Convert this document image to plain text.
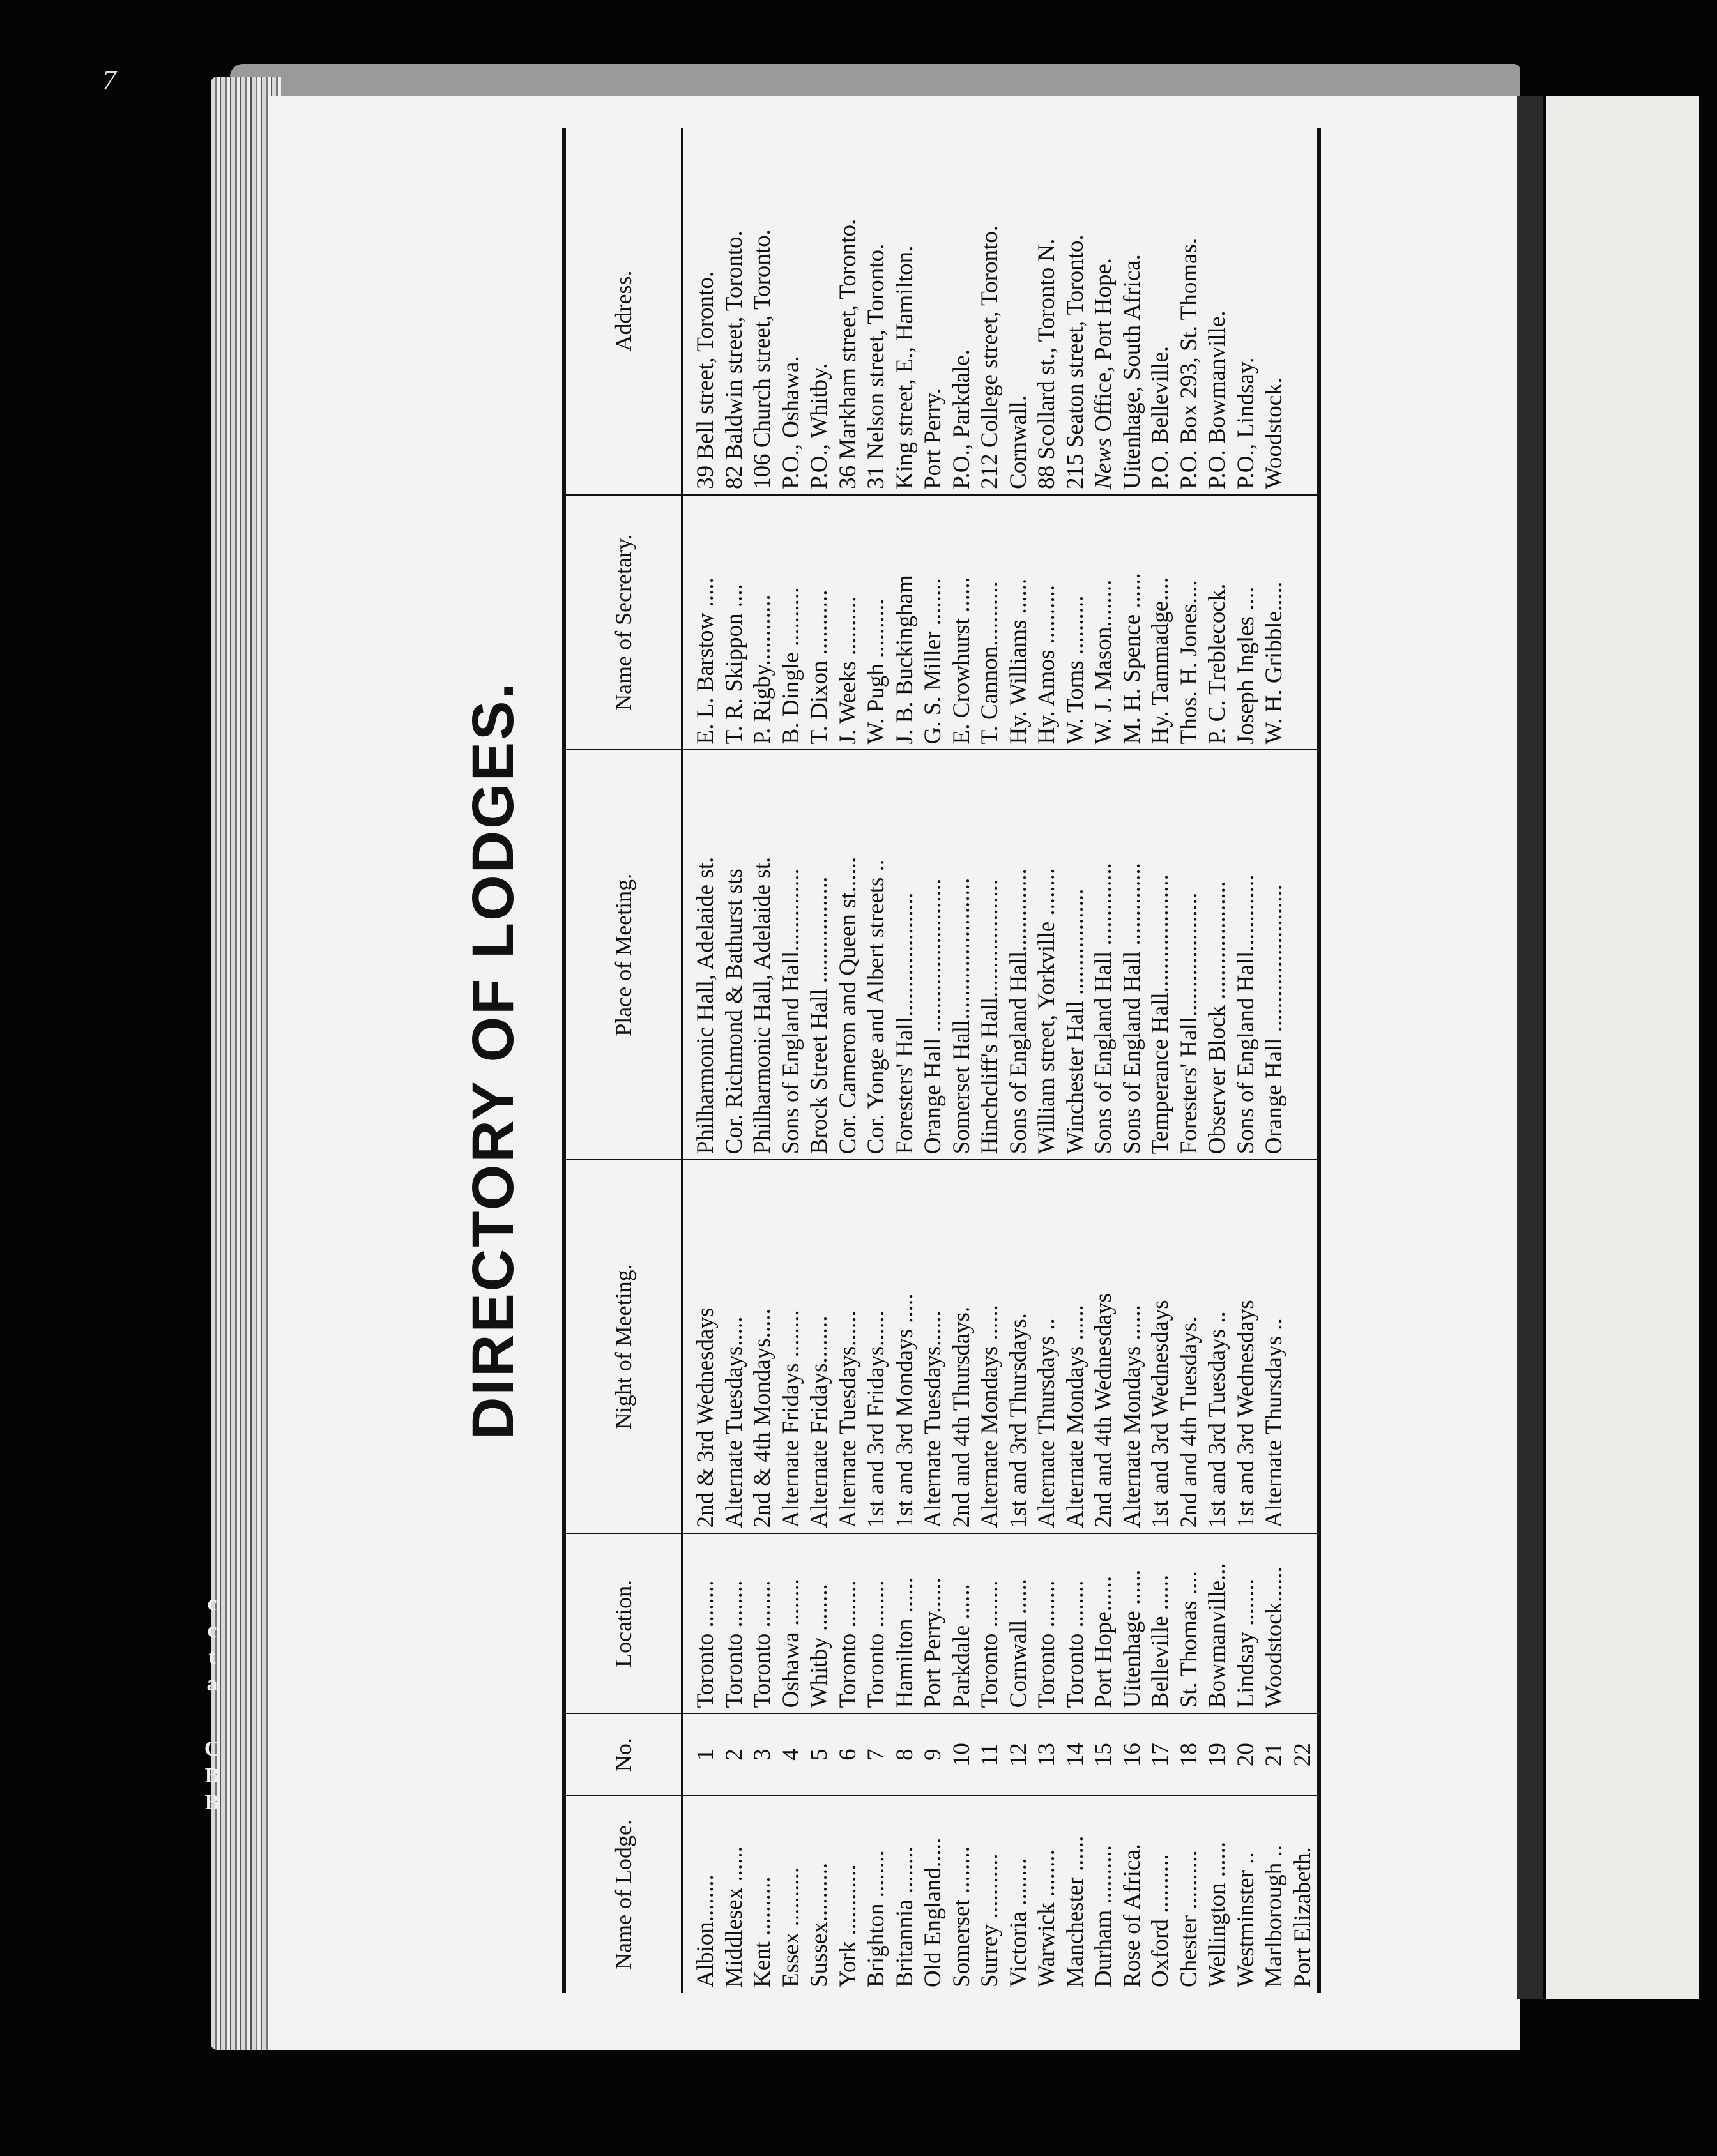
7
c
c
t
a
C
B
B
DIRECTORY OF LODGES.
Name of Lodge.	No.	Location.	Night of Meeting.	Place of Meeting.	Name of Secretary.	Address.
Albion........	1	Toronto ........	2nd & 3rd Wednesdays	Philharmonic Hall, Adelaide st.	E. L. Barstow .....	39 Bell street, Toronto.
Middlesex ......	2	Toronto ........	Alternate Tuesdays.....	Cor. Richmond & Bathurst sts	T. R. Skippon ....	82 Baldwin street, Toronto.
Kent ..........	3	Toronto ........	2nd & 4th Mondays.....	Philharmonic Hall, Adelaide st.	P. Rigby............	106 Church street, Toronto.
Essex ..........	4	Oshawa ........	Alternate Fridays ........	Sons of England Hall..............	B. Dingle ..........	P.O., Oshawa.
Sussex..........	5	Whitby ........	Alternate Fridays........	Brock Street Hall ..................	T. Dixon ...........	P.O., Whitby.
York ............	6	Toronto ........	Alternate Tuesdays......	Cor. Cameron and Queen st......	J. Weeks ..........	36 Markham street, Toronto.
Brighton ........	7	Toronto ........	1st and 3rd Fridays......	Cor. Yonge and Albert streets ..	W. Pugh ..........	31 Nelson street, Toronto.
Britannia ........	8	Hamilton ......	1st and 3rd Mondays .....	Foresters' Hall.....................	J. B. Buckingham	King street, E., Hamilton.
Old England.....	9	Port Perry......	Alternate Tuesdays......	Orange Hall ..........................	G. S. Miller ........	Port Perry.
Somerset ........	10	Parkdale ......	2nd and 4th Thursdays.	Somerset Hall........................	E. Crowhurst ......	P.O., Parkdale.
Surrey ...........	11	Toronto ........	Alternate Mondays ......	Hinchcliff's Hall....................	T. Cannon...........	212 College street, Toronto.
Victoria ........	12	Cornwall ......	1st and 3rd Thursdays.	Sons of England Hall..............	Hy. Williams ......	Cornwall.
Warwick ........	13	Toronto ........	Alternate Thursdays ..	William street, Yorkville ........	Hy. Amos ..........	88 Scollard st., Toronto N.
Manchester ......	14	Toronto ........	Alternate Mondays ......	Winchester Hall ..................	W. Toms ..........	215 Seaton street, Toronto.
Durham ..........	15	Port Hope......	2nd and 4th Wednesdays	Sons of England Hall ..............	W. J. Mason........	News Office, Port Hope.
Rose of Africa.	16	Uitenhage ......	Alternate Mondays ......	Sons of England Hall ..............	M. H. Spence ......	Uitenhage, South Africa.
Oxford ..........	17	Belleville ......	1st and 3rd Wednesdays	Temperance Hall....................	Hy. Tammadge....	P.O. Belleville.
Chester ..........	18	St. Thomas ....	2nd and 4th Tuesdays.	Foresters' Hall.....................	Thos. H. Jones....	P.O. Box 293, St. Thomas.
Wellington ......	19	Bowmanville...	1st and 3rd Tuesdays ..	Observer Block ....................	P. C. Treblecock.	P.O. Bowmanville.
Westminster ..	20	Lindsay ........	1st and 3rd Wednesdays	Sons of England Hall.............	Joseph Ingles ....	P.O., Lindsay.
Marlborough ..	21	Woodstock......	Alternate Thursdays ..	Orange Hall .........................	W. H. Gribble.....	Woodstock.
Port Elizabeth.	22					
